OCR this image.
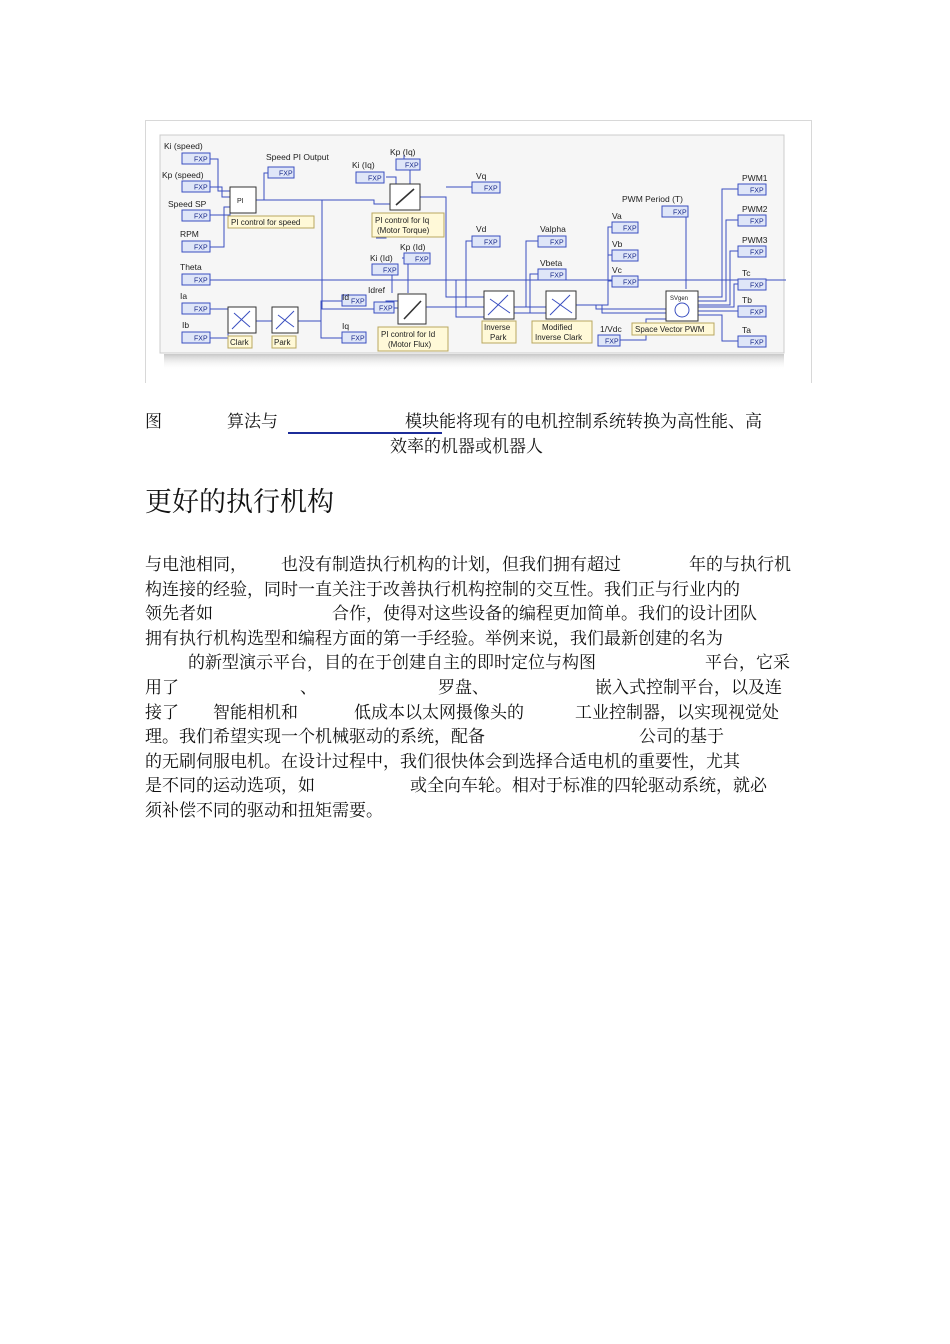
FXP
FXP
FXP
FXP
FXP
FXP
FXP
FXP
FXP
FXP
FXP
FXP
FXP
FXP
FXP
FXP
FXP	FXP
FXP
FXP
FXP
FXP
FXP
FXP
FXP
FXP
FXP
FXP
FXP
FXP
Ki (speed)
Kp (speed)
Speed SP
RPM
Theta
Ia
Ib
Speed PI Output
Ki (Iq)
Kp (Iq)
Ki (Id)
Kp (Id)
Idref
Id
Iq
Vq
Vd	Valpha
Vbeta
Va
Vb
Vc
PWM Period (T)
1/Vdc
PWM1
PWM2
PWM3
Tc
Tb
Ta
PI
PI control for speed	PI control for Iq
(Motor Torque)
PI control for Id
(Motor Flux)
Clark	Park
Inverse
Park
Modified
Inverse Clark
SVgen
Space Vector PWM
图	算法与	模块能将现有的电机控制系统转换为高性能、高
效率的机器或机器人
更好的执行机构
与电池相同， 也没有制造执行机构的计划，但我们拥有超过	年的与执行机
构连接的经验，同时一直关注于改善执行机构控制的交互性。我们正与行业内的
领先者如	合作，使得对这些设备的编程更加简单。我们的设计团队
拥有执行机构选型和编程方面的第一手经验。举例来说，我们最新创建的名为
的新型演示平台，目的在于创建自主的即时定位与构图	平台，它采
用了	、	罗盘、	嵌入式控制平台，以及连
接了 智能相机和	低成本以太网摄像头的	工业控制器，以实现视觉处
理。我们希望实现一个机械驱动的系统，配备	公司的基于
的无刷伺服电机。在设计过程中，我们很快体会到选择合适电机的重要性，尤其
是不同的运动选项，如	或全向车轮。相对于标准的四轮驱动系统，就必
须补偿不同的驱动和扭矩需要。
